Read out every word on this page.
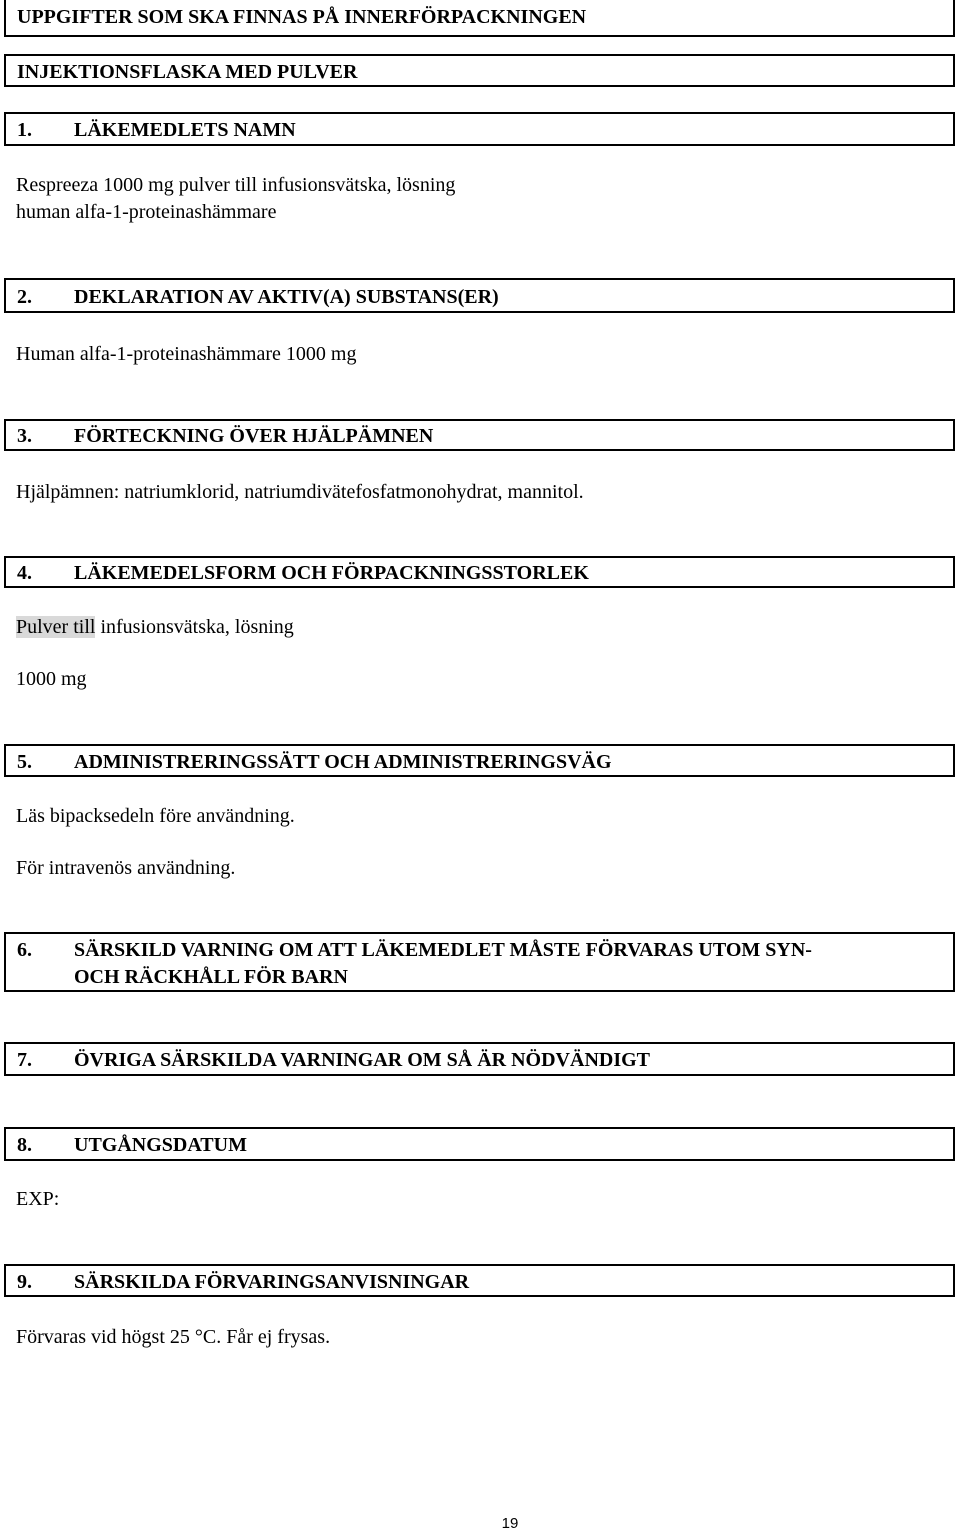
UPPGIFTER SOM SKA FINNAS PÅ INNERFÖRPACKNINGEN
INJEKTIONSFLASKA MED PULVER
1.	LÄKEMEDLETS NAMN
Respreeza 1000 mg pulver till infusionsvätska, lösning
human alfa-1-proteinashämmare
2.	DEKLARATION AV AKTIV(A) SUBSTANS(ER)
Human alfa-1-proteinashämmare 1000 mg
3.	FÖRTECKNING ÖVER HJÄLPÄMNEN
Hjälpämnen: natriumklorid, natriumdivätefosfatmonohydrat, mannitol.
4.	LÄKEMEDELSFORM OCH FÖRPACKNINGSSTORLEK
Pulver till infusionsvätska, lösning
1000 mg
5.	ADMINISTRERINGSSÄTT OCH ADMINISTRERINGSVÄG
Läs bipacksedeln före användning.
För intravenös användning.
6.	SÄRSKILD VARNING OM ATT LÄKEMEDLET MÅSTE FÖRVARAS UTOM SYN-
OCH RÄCKHÅLL FÖR BARN
7.	ÖVRIGA SÄRSKILDA VARNINGAR OM SÅ ÄR NÖDVÄNDIGT
8.	UTGÅNGSDATUM
EXP:
9.	SÄRSKILDA FÖRVARINGSANVISNINGAR
Förvaras vid högst 25 °C. Får ej frysas.
19
